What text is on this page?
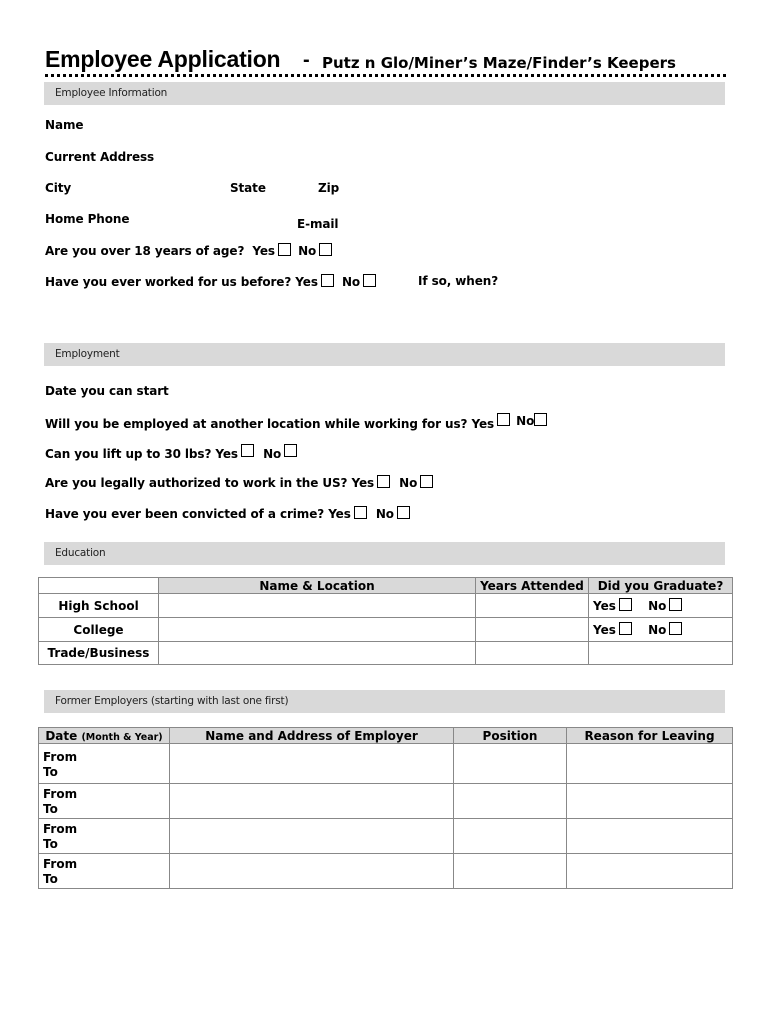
Employee Application - Putz n Glo/Miner’s Maze/Finder’s Keepers
Employee Information
Name
Current Address
City	State	Zip
Home Phone	E-mail
Are you over 18 years of age? Yes No
Have you ever worked for us before? Yes No	If so, when?
Employment
Date you can start
Will you be employed at another location while working for us? Yes No
Can you lift up to 30 lbs? Yes No
Are you legally authorized to work in the US? Yes No
Have you ever been convicted of a crime? Yes No
Education
	Name & Location	Years Attended	Did you Graduate?
High School			Yes No
College			Yes No
Trade/Business			
Former Employers (starting with last one first)
Date (Month & Year)	Name and Address of Employer	Position	Reason for Leaving

From
To			

From
To			

From
To			

From
To			
